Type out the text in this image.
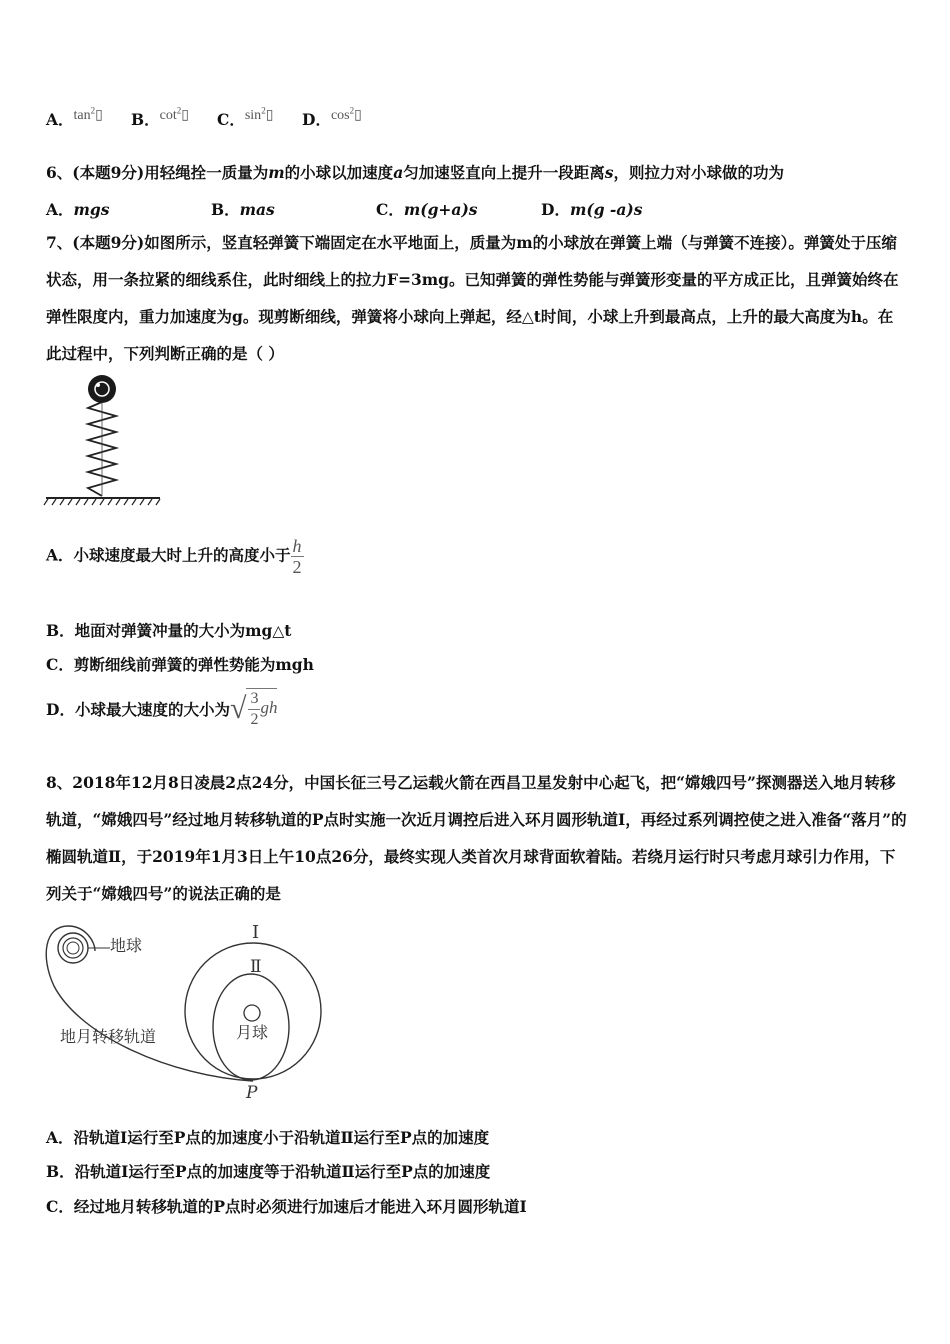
A．$\tan^2▯$ B．$\cot^2▯$ C．$\sin^2▯$ D．$\cos^2▯$
6、(本题9分)用轻绳拴一质量为m的小球以加速度a匀加速竖直向上提升一段距离s，则拉力对小球做的功为
A．mgs	B．mas	C．m(g+a)s	D．m(g -a)s
7、(本题9分)如图所示，竖直轻弹簧下端固定在水平地面上，质量为m的小球放在弹簧上端（与弹簧不连接）。弹簧处于压缩状态，用一条拉紧的细线系住，此时细线上的拉力F=3mg。已知弹簧的弹性势能与弹簧形变量的平方成正比，且弹簧始终在弹性限度内，重力加速度为g。现剪断细线，弹簧将小球向上弹起，经△t时间，小球上升到最高点，上升的最大高度为h。在此过程中，下列判断正确的是（ ）
A．小球速度最大时上升的高度小于 $\frac{h}{2}$
B．地面对弹簧冲量的大小为mg△t
C．剪断细线前弹簧的弹性势能为mgh
D．小球最大速度的大小为√ $\frac{3}{2}$ gh
8、2018年12月8日凌晨2点24分，中国长征三号乙运载火箭在西昌卫星发射中心起飞，把“嫦娥四号”探测器送入地月转移轨道，“嫦娥四号”经过地月转移轨道的P点时实施一次近月调控后进入环月圆形轨道I，再经过系列调控使之进入准备“落月”的椭圆轨道Ⅱ，于2019年1月3日上午10点26分，最终实现人类首次月球背面软着陆。若绕月运行时只考虑月球引力作用，下列关于“嫦娥四号”的说法正确的是
地球
I
Ⅱ
月球
地月转移轨道
P
A．沿轨道I运行至P点的加速度小于沿轨道Ⅱ运行至P点的加速度
B．沿轨道I运行至P点的加速度等于沿轨道Ⅱ运行至P点的加速度
C．经过地月转移轨道的P点时必须进行加速后才能进入环月圆形轨道I
